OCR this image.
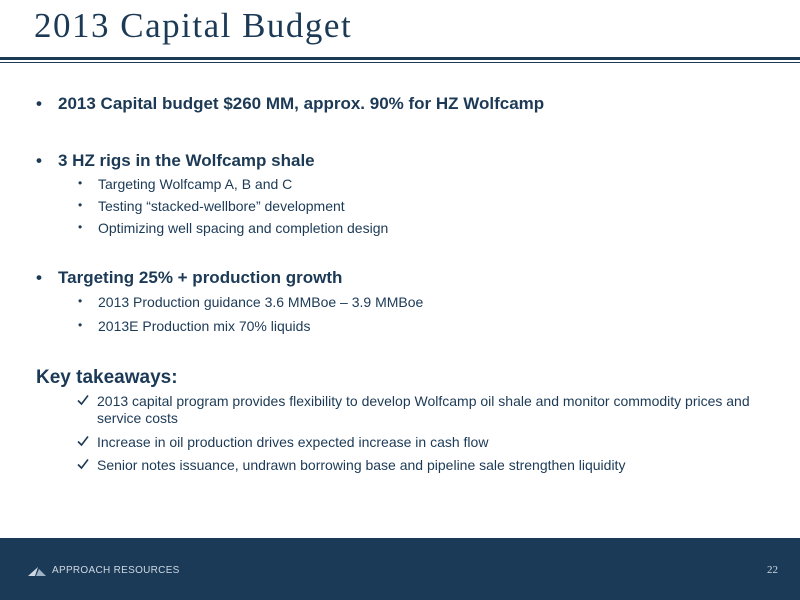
2013 Capital Budget
• 2013 Capital budget $260 MM, approx. 90% for HZ Wolfcamp
• 3 HZ rigs in the Wolfcamp shale
• Targeting Wolfcamp A, B and C
• Testing “stacked-wellbore” development
• Optimizing well spacing and completion design
• Targeting 25% + production growth
• 2013 Production guidance 3.6 MMBoe – 3.9 MMBoe
• 2013E Production mix 70% liquids
Key takeaways:
2013 capital program provides flexibility to develop Wolfcamp oil shale and monitor commodity prices and service costs
Increase in oil production drives expected increase in cash flow
Senior notes issuance, undrawn borrowing base and pipeline sale strengthen liquidity
APPROACH RESOURCES	22
